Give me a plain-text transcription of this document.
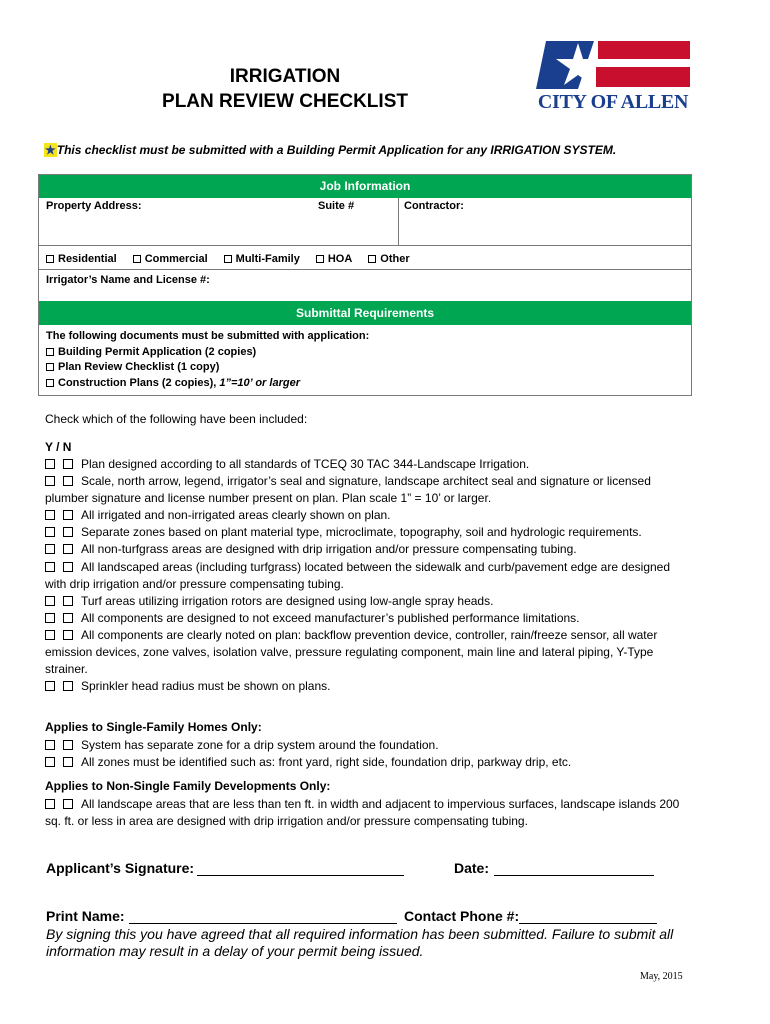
IRRIGATION
PLAN REVIEW CHECKLIST	CITY OF ALLEN
★This checklist must be submitted with a Building Permit Application for any IRRIGATION SYSTEM.
Job Information
Property Address:	Suite #	Contractor:
Residential	Commercial	Multi-Family	HOA	Other
Irrigator’s Name and License #:
Submittal Requirements
The following documents must be submitted with application:
Building Permit Application (2 copies)
Plan Review Checklist (1 copy)
Construction Plans (2 copies), 1”=10’ or larger
Check which of the following have been included:
Y / N

Plan designed according to all standards of TCEQ 30 TAC 344-Landscape Irrigation.

Scale, north arrow, legend, irrigator’s seal and signature, landscape architect seal and signature or licensed plumber signature and license number present on plan. Plan scale 1” = 10’ or larger.

All irrigated and non-irrigated areas clearly shown on plan.

Separate zones based on plant material type, microclimate, topography, soil and hydrologic requirements.

All non-turfgrass areas are designed with drip irrigation and/or pressure compensating tubing.

All landscaped areas (including turfgrass) located between the sidewalk and curb/pavement edge are designed with drip irrigation and/or pressure compensating tubing.

Turf areas utilizing irrigation rotors are designed using low-angle spray heads.

All components are designed to not exceed manufacturer’s published performance limitations.

All components are clearly noted on plan: backflow prevention device, controller, rain/freeze sensor, all water emission devices, zone valves, isolation valve, pressure regulating component, main line and lateral piping, Y-Type strainer.

Sprinkler head radius must be shown on plans.

Applies to Single-Family Homes Only:

System has separate zone for a drip system around the foundation.

All zones must be identified such as: front yard, right side, foundation drip, parkway drip, etc.

Applies to Non-Single Family Developments Only:

All landscape areas that are less than ten ft. in width and adjacent to impervious surfaces, landscape islands 200 sq. ft. or less in area are designed with drip irrigation and/or pressure compensating tubing.

Applicant’s Signature:	Date:
Print Name:	Contact Phone #:
By signing this you have agreed that all required information has been submitted. Failure to submit all information may result in a delay of your permit being issued.
May, 2015
